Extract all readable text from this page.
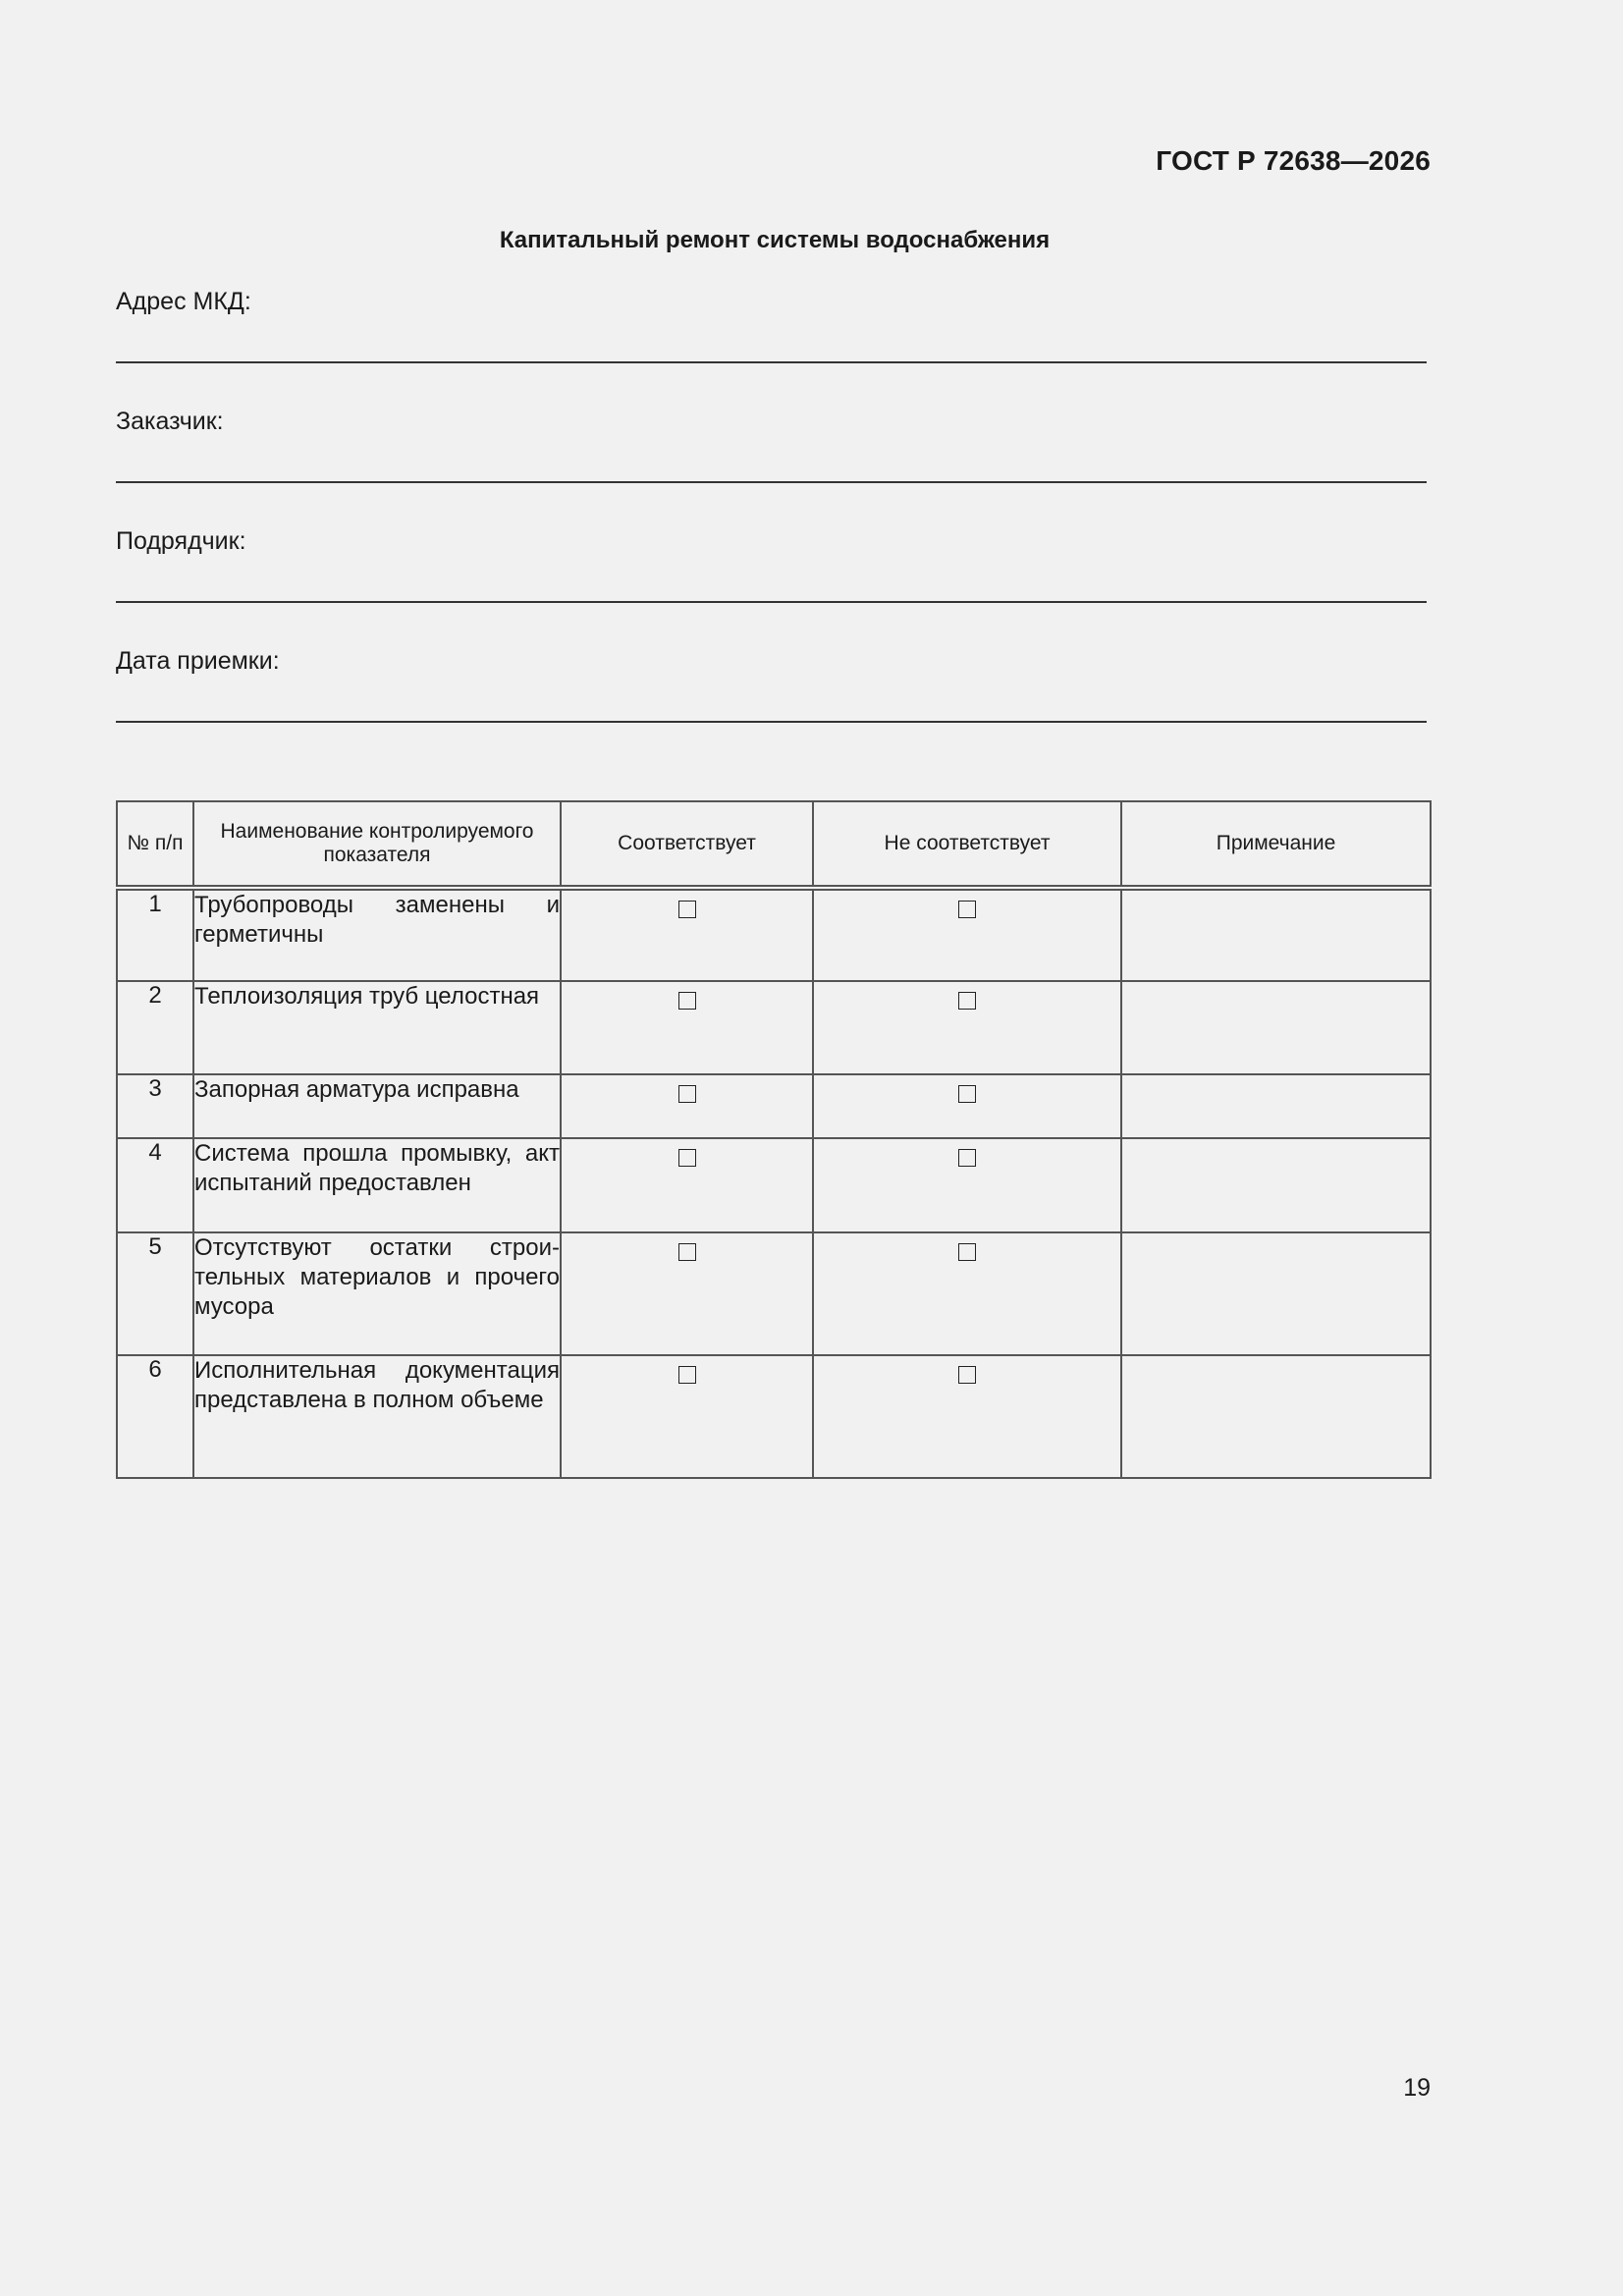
ГОСТ Р 72638—2026
Капитальный ремонт системы водоснабжения
Адрес МКД:
Заказчик:
Подрядчик:
Дата приемки:
№ п/п	Наименование контролируемого показателя	Соответствует	Не соответствует	Примечание
1	Трубопроводы заменены и герметичны			
2	Теплоизоляция труб целостная			
3	Запорная арматура исправна			
4	Система прошла промывку, акт испытаний предоставлен			
5	Отсутствуют остатки строительных материалов и прочего мусора			
6	Исполнительная документация представлена в полном объеме			
19
